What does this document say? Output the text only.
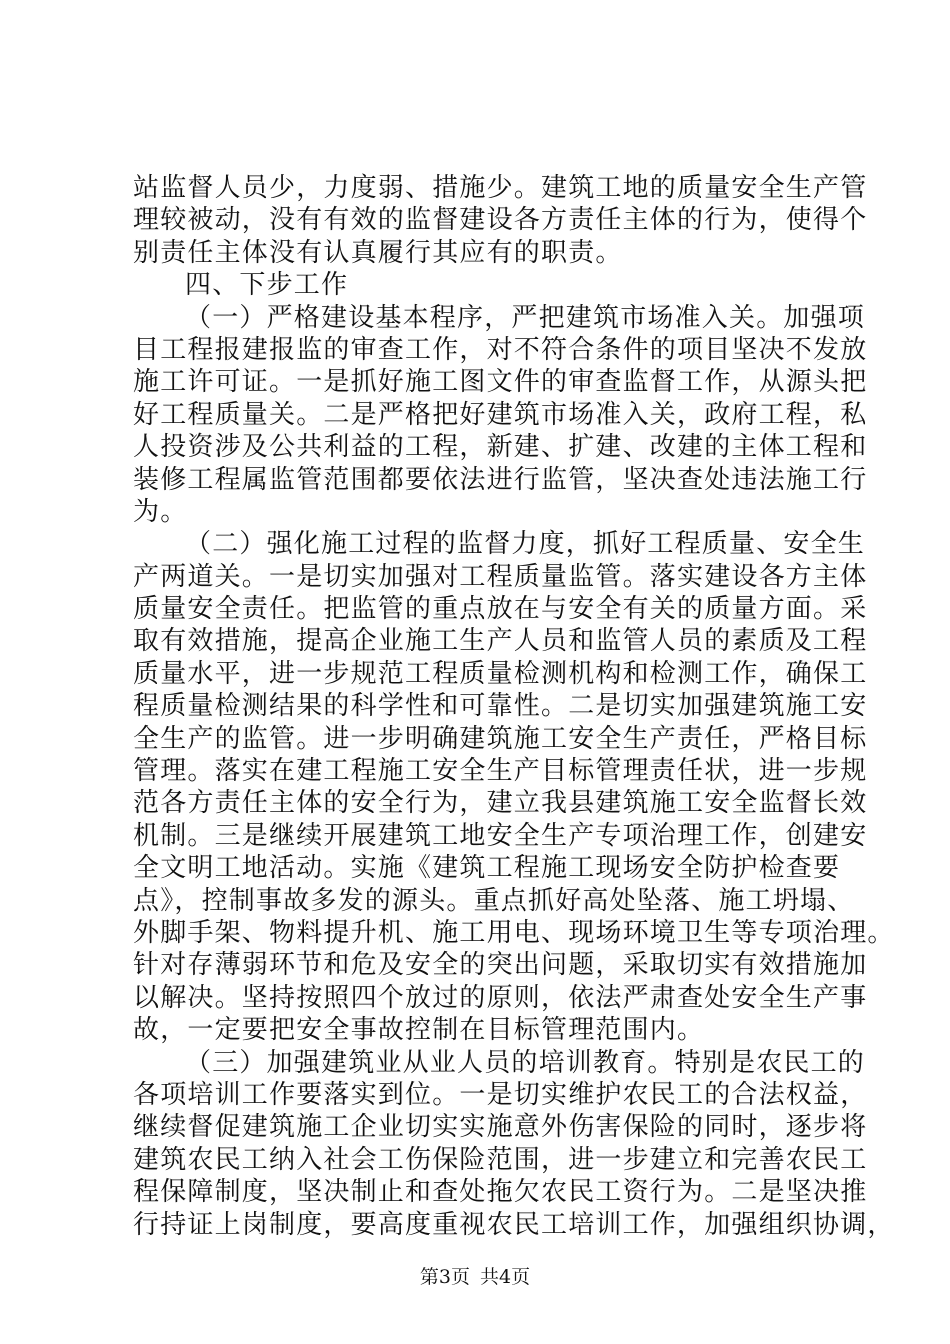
站监督人员少，力度弱、措施少。建筑工地的质量安全生产管
理较被动，没有有效的监督建设各方责任主体的行为，使得个
别责任主体没有认真履行其应有的职责。
四、下步工作
（一）严格建设基本程序，严把建筑市场准入关。加强项
目工程报建报监的审查工作，对不符合条件的项目坚决不发放
施工许可证。一是抓好施工图文件的审查监督工作，从源头把
好工程质量关。二是严格把好建筑市场准入关，政府工程，私
人投资涉及公共利益的工程，新建、扩建、改建的主体工程和
装修工程属监管范围都要依法进行监管，坚决查处违法施工行
为。
（二）强化施工过程的监督力度，抓好工程质量、安全生
产两道关。一是切实加强对工程质量监管。落实建设各方主体
质量安全责任。把监管的重点放在与安全有关的质量方面。采
取有效措施，提高企业施工生产人员和监管人员的素质及工程
质量水平，进一步规范工程质量检测机构和检测工作，确保工
程质量检测结果的科学性和可靠性。二是切实加强建筑施工安
全生产的监管。进一步明确建筑施工安全生产责任，严格目标
管理。落实在建工程施工安全生产目标管理责任状，进一步规
范各方责任主体的安全行为，建立我县建筑施工安全监督长效
机制。三是继续开展建筑工地安全生产专项治理工作，创建安
全文明工地活动。实施《建筑工程施工现场安全防护检查要
点》，控制事故多发的源头。重点抓好高处坠落、施工坍塌、
外脚手架、物料提升机、施工用电、现场环境卫生等专项治理。
针对存薄弱环节和危及安全的突出问题，采取切实有效措施加
以解决。坚持按照四个放过的原则，依法严肃查处安全生产事
故，一定要把安全事故控制在目标管理范围内。
（三）加强建筑业从业人员的培训教育。特别是农民工的
各项培训工作要落实到位。一是切实维护农民工的合法权益，
继续督促建筑施工企业切实实施意外伤害保险的同时，逐步将
建筑农民工纳入社会工伤保险范围，进一步建立和完善农民工
程保障制度，坚决制止和查处拖欠农民工资行为。二是坚决推
行持证上岗制度，要高度重视农民工培训工作，加强组织协调，
第3页 共4页
